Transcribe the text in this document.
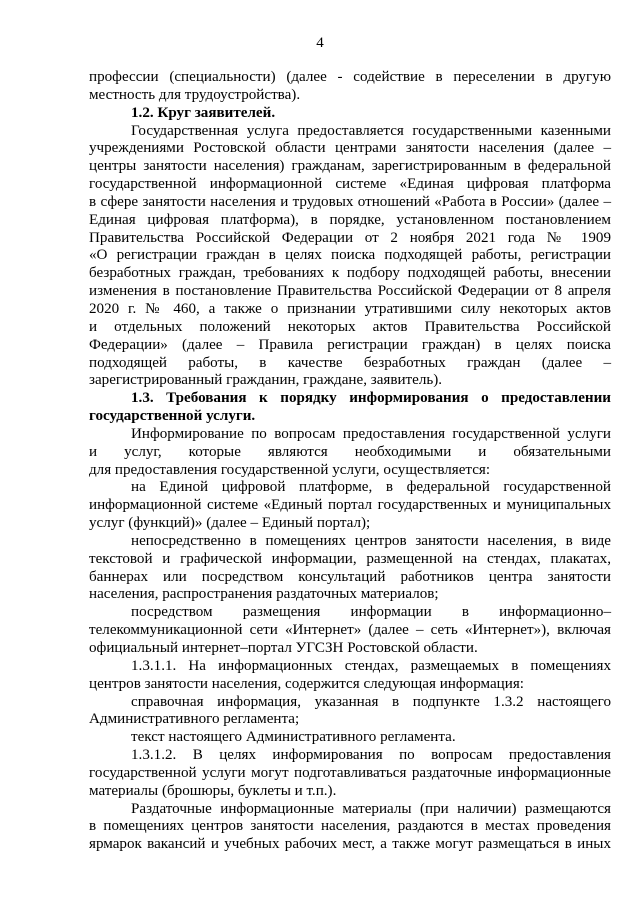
4
профессии (специальности) (далее - содействие в переселении в другую
местность для трудоустройства).
1.2. Круг заявителей.
Государственная услуга предоставляется государственными казенными
учреждениями Ростовской области центрами занятости населения (далее –
центры занятости населения) гражданам, зарегистрированным в федеральной
государственной информационной системе «Единая цифровая платформа
в сфере занятости населения и трудовых отношений «Работа в России» (далее –
Единая цифровая платформа), в порядке, установленном постановлением
Правительства Российской Федерации от 2 ноября 2021 года № 1909
«О регистрации граждан в целях поиска подходящей работы, регистрации
безработных граждан, требованиях к подбору подходящей работы, внесении
изменения в постановление Правительства Российской Федерации от 8 апреля
2020 г. № 460, а также о признании утратившими силу некоторых актов
и отдельных положений некоторых актов Правительства Российской
Федерации» (далее – Правила регистрации граждан) в целях поиска
подходящей работы, в качестве безработных граждан (далее –
зарегистрированный гражданин, граждане, заявитель).
1.3. Требования к порядку информирования о предоставлении
государственной услуги.
Информирование по вопросам предоставления государственной услуги
и услуг, которые являются необходимыми и обязательными
для предоставления государственной услуги, осуществляется:
на Единой цифровой платформе, в федеральной государственной
информационной системе «Единый портал государственных и муниципальных
услуг (функций)» (далее – Единый портал);
непосредственно в помещениях центров занятости населения, в виде
текстовой и графической информации, размещенной на стендах, плакатах,
баннерах или посредством консультаций работников центра занятости
населения, распространения раздаточных материалов;
посредством размещения информации в информационно–
телекоммуникационной сети «Интернет» (далее – сеть «Интернет»), включая
официальный интернет–портал УГСЗН Ростовской области.
1.3.1.1. На информационных стендах, размещаемых в помещениях
центров занятости населения, содержится следующая информация:
справочная информация, указанная в подпункте 1.3.2 настоящего
Административного регламента;
текст настоящего Административного регламента.
1.3.1.2. В целях информирования по вопросам предоставления
государственной услуги могут подготавливаться раздаточные информационные
материалы (брошюры, буклеты и т.п.).
Раздаточные информационные материалы (при наличии) размещаются
в помещениях центров занятости населения, раздаются в местах проведения
ярмарок вакансий и учебных рабочих мест, а также могут размещаться в иных
